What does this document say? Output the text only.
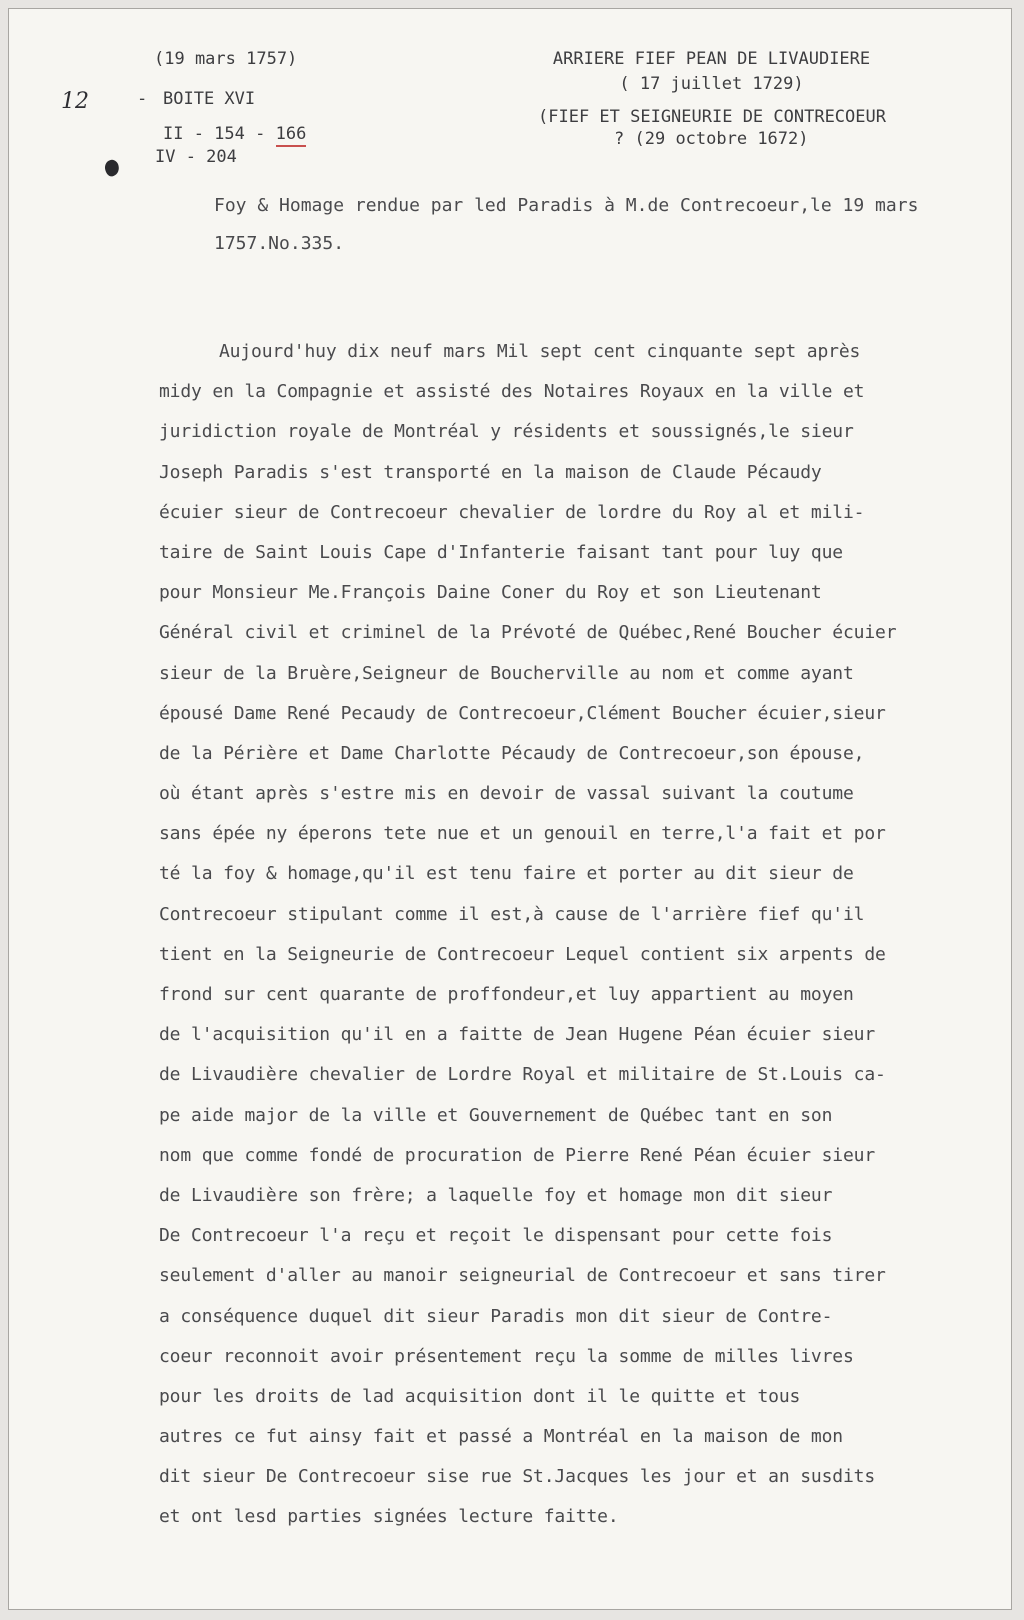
(19 mars 1757)
12	- BOITE XVI
II - 154 - 166
IV - 204
ARRIERE FIEF PEAN DE LIVAUDIERE
( 17 juillet 1729)
(FIEF ET SEIGNEURIE DE CONTRECOEUR
? (29 octobre 1672)
Foy & Homage rendue par led Paradis à M.de Contrecoeur,le 19 mars 1757.No.335.
Aujourd'huy dix neuf mars Mil sept cent cinquante sept après
midy en la Compagnie et assisté des Notaires Royaux en la ville et
juridiction royale de Montréal y résidents et soussignés,le sieur
Joseph Paradis s'est transporté en la maison de Claude Pécaudy
écuier sieur de Contrecoeur chevalier de lordre du Roy al et mili-
taire de Saint Louis Cape d'Infanterie faisant tant pour luy que
pour Monsieur Me.François Daine Coner du Roy et son Lieutenant
Général civil et criminel de la Prévoté de Québec,René Boucher écuier
sieur de la Bruère,Seigneur de Boucherville au nom et comme ayant
épousé Dame René Pecaudy de Contrecoeur,Clément Boucher écuier,sieur
de la Périère et Dame Charlotte Pécaudy de Contrecoeur,son épouse,
où étant après s'estre mis en devoir de vassal suivant la coutume
sans épée ny éperons tete nue et un genouil en terre,l'a fait et por
té la foy & homage,qu'il est tenu faire et porter au dit sieur de
Contrecoeur stipulant comme il est,à cause de l'arrière fief qu'il
tient en la Seigneurie de Contrecoeur Lequel contient six arpents de
frond sur cent quarante de proffondeur,et luy appartient au moyen
de l'acquisition qu'il en a faitte de Jean Hugene Péan écuier sieur
de Livaudière chevalier de Lordre Royal et militaire de St.Louis ca-
pe aide major de la ville et Gouvernement de Québec tant en son
nom que comme fondé de procuration de Pierre René Péan écuier sieur
de Livaudière son frère; a laquelle foy et homage mon dit sieur
De Contrecoeur l'a reçu et reçoit le dispensant pour cette fois
seulement d'aller au manoir seigneurial de Contrecoeur et sans tirer
a conséquence duquel dit sieur Paradis mon dit sieur de Contre-
coeur reconnoit avoir présentement reçu la somme de milles livres
pour les droits de lad acquisition dont il le quitte et tous
autres ce fut ainsy fait et passé a Montréal en la maison de mon
dit sieur De Contrecoeur sise rue St.Jacques les jour et an susdits
et ont lesd parties signées lecture faitte.
